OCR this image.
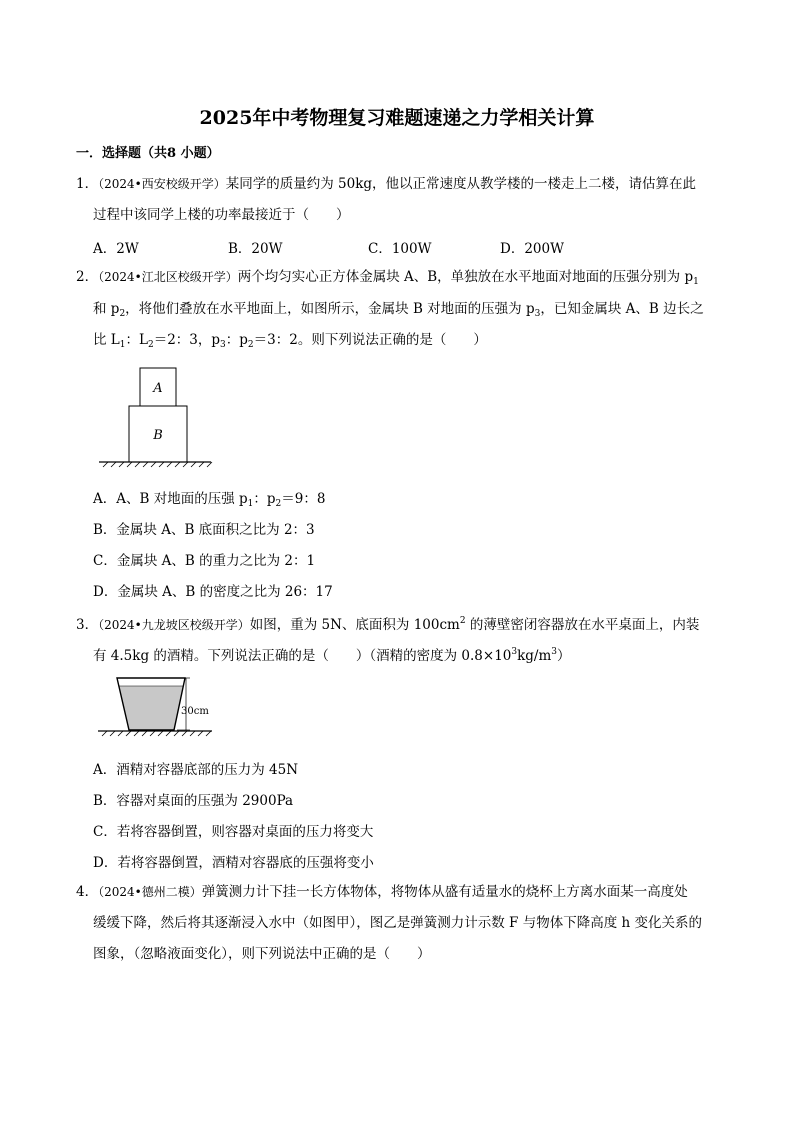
2025年中考物理复习难题速递之力学相关计算
一．选择题（共8 小题）
1．（2024•西安校级开学）某同学的质量约为 50kg，他以正常速度从教学楼的一楼走上二楼，请估算在此
过程中该同学上楼的功率最接近于（　　）
A．2W	B．20W	C．100W	D．200W
2．（2024•江北区校级开学）两个均匀实心正方体金属块 A、B，单独放在水平地面对地面的压强分别为 $p_1$
和 $p_2$，将他们叠放在水平地面上，如图所示，金属块 B 对地面的压强为 $p_3$，已知金属块 A、B 边长之
比 $L_1$：$L_2=2$：3，$p_3$：$p_2=3$：2。则下列说法正确的是（　　）
A
B
A．A、B 对地面的压强 $p_1$：$p_2=9$：8
B．金属块 A、B 底面积之比为 2：3
C．金属块 A、B 的重力之比为 2：1
D．金属块 A、B 的密度之比为 26：17
3．（2024•九龙坡区校级开学）如图，重为 5N、底面积为 $100cm^2$ 的薄壁密闭容器放在水平桌面上，内装
有 4.5kg 的酒精。下列说法正确的是（　　）（酒精的密度为 $0.8\times 10^3kg/m^3$）
30cm
A．酒精对容器底部的压力为 45N
B．容器对桌面的压强为 2900Pa
C．若将容器倒置，则容器对桌面的压力将变大
D．若将容器倒置，酒精对容器底的压强将变小
4．（2024•德州二模）弹簧测力计下挂一长方体物体，将物体从盛有适量水的烧杯上方离水面某一高度处
缓缓下降，然后将其逐渐浸入水中（如图甲），图乙是弹簧测力计示数 F 与物体下降高度 h 变化关系的
图象，（忽略液面变化），则下列说法中正确的是（　　）
